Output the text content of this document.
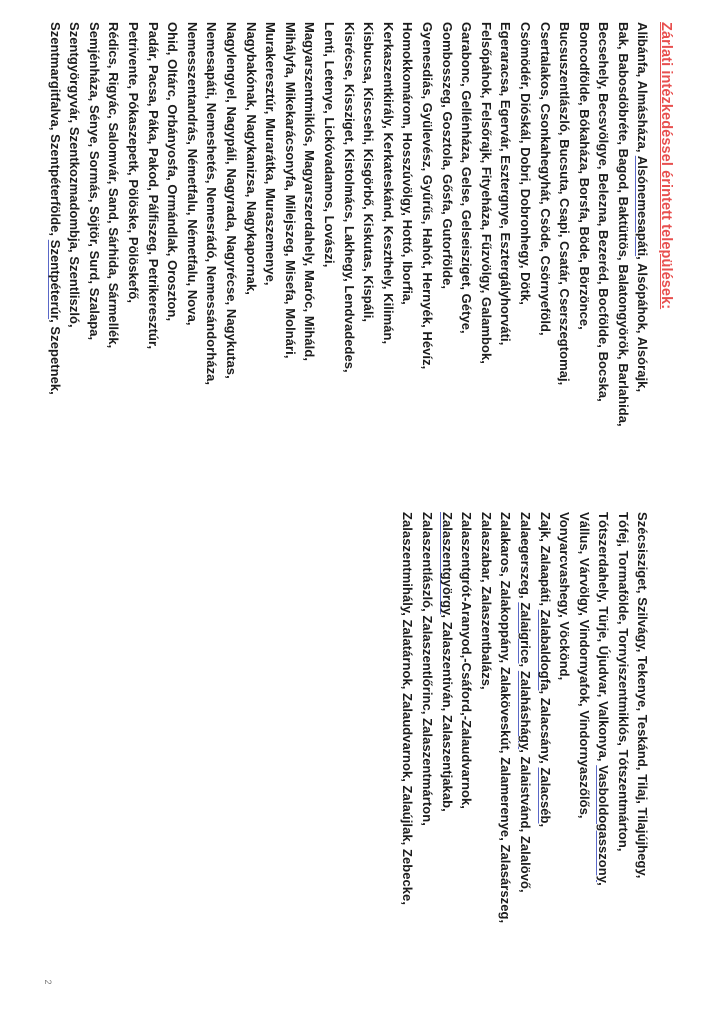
Zárlati intézkedéssel érintett települések:
Alibánfa, Almásháza, Alsónemesapáti, Alsópáhok, Alsórajk,
Bak, Babosdöbréte, Bagod, Baktüttös, Balatongyörök, Barlahida,
Becsehely, Becsvölgye, Belezna, Bezeréd, Bocfölde, Bocska,
Boncodfölde, Bókaháza, Borsfa, Böde, Börzönce,
Bucsuszentlászló, Bucsuta, Csapi, Csatár, Cserszegtomaj,
Csertalakos, Csonkahegyhát, Csöde, Csörnyeföld,
Csömödér, Dióskál, Dobri, Dobronhegy, Dötk,
Egeraracsa, Egervár, Esztergnye, Esztergályhorváti,
Felsőpáhok, Felsőrajk, Fityeháza, Fűzvölgy, Galambok,
Garabonc, Gellénháza, Gelse, Gelseisziget, Gétye,
Gombosszeg, Gosztola, Gősfa, Gutorfölde,
Gyenesdiás, Gyülevész, Gyűrűs, Hahót, Hernyék, Hévíz,
Homokkomárom, Hosszúvölgy, Hottó, Iborfia,
Kerkaszentkirály, Kerkateskánd, Keszthely, Kilimán,
Kisbucsa, Kiscsehi, Kisgörbő, Kiskutas, Kispáli,
Kisrécse, Kissziget, Kistolmács, Lakhegy, Lendvadedes,
Lenti, Letenye, Lickóvadamos, Lovászi,
Magyarszentmiklós, Magyarszerdahely, Maróc, Miháld,
Mihályfa, Mikekarácsonyfa, Milejszeg, Misefa, Molnári,
Murakeresztúr, Murarátka, Muraszemenye,
Nagybakónak, Nagykanizsa, Nagykapornak,
Nagylengyel, Nagypáli, Nagyrada, Nagyrécse, Nagykutas,
Nemesapáti, Nemeshetés, Nemesrádó, Nemessándorháza,
Nemesszentandrás, Németfalu, Németfalu, Nova,
Ohid, Oltárc, Orbányosfa, Ormándlak, Oroszton,
Padár, Pacsa, Páka, Pakod, Pálfiszeg, Petrikeresztúr,
Petrivente, Pókaszepetk, Pölöske, Pölöskefő,
Rédics, Rigyác, Salomvár, Sand, Sárhida, Sármellék,
Semjénháza, Sénye, Sormás, Söjtör, Surd, Szalapa,
Szentgyörgyvár, Szentkozmadombja, Szentliszló,
Szentmargitfalva, Szentpéterfölde, Szentpéterúr, Szepetnek,
Szécsisziget, Szilvágy, Tekenye, Teskánd, Tilaj, Tilajújhegy,
Tófej, Tormafölde, Tornyiszentmiklós, Tótszentmárton,
Tótszerdahely, Türje, Újudvar, Valkonya, Vasboldogasszony,
Vállus, Várvölgy, Vindornyafok, Vindornyaszőlős,
Vonyarcvashegy, Vöckönd,
Zajk, Zalaapáti, Zalabaldogfa, Zalacsány, Zalacséb,
Zalaegerszeg, Zalaigrice, Zalaháshágy, Zalaistvánd, Zalalövő,
Zalakaros, Zalakoppány, Zalaköveskút, Zalamerenye, Zalasárszeg,
Zalaszabar, Zalaszentbalázs,
Zalaszentgrót-Aranyod,-Csáford,-Zalaudvarnok,
Zalaszentgyörgy, Zalaszentiván, Zalaszentjakab,
Zalaszentlászló, Zalaszentlőrinc, Zalaszentmárton,
Zalaszentmihály, Zalatárnok, Zalaudvarnok, Zalaújlak, Zebecke,
2
